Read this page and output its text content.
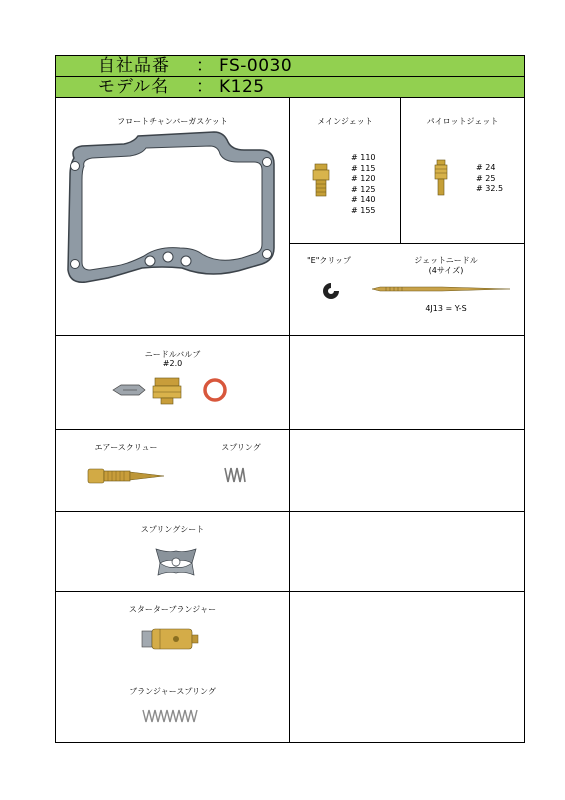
自社品番 ： FS-0030
モデル名 ： K125
フロートチャンバーガスケット	メインジェット
# 110
# 115
# 120
# 125
# 140
# 155
パイロットジェット
# 24
# 25
# 32.5
"E"クリップ	ジェットニードル
(4サイズ)
4J13 = Y-S
ニードルバルブ
#2.0
エアースクリュー	スプリング
スプリングシート
スターターブランジャー
ブランジャースプリング
